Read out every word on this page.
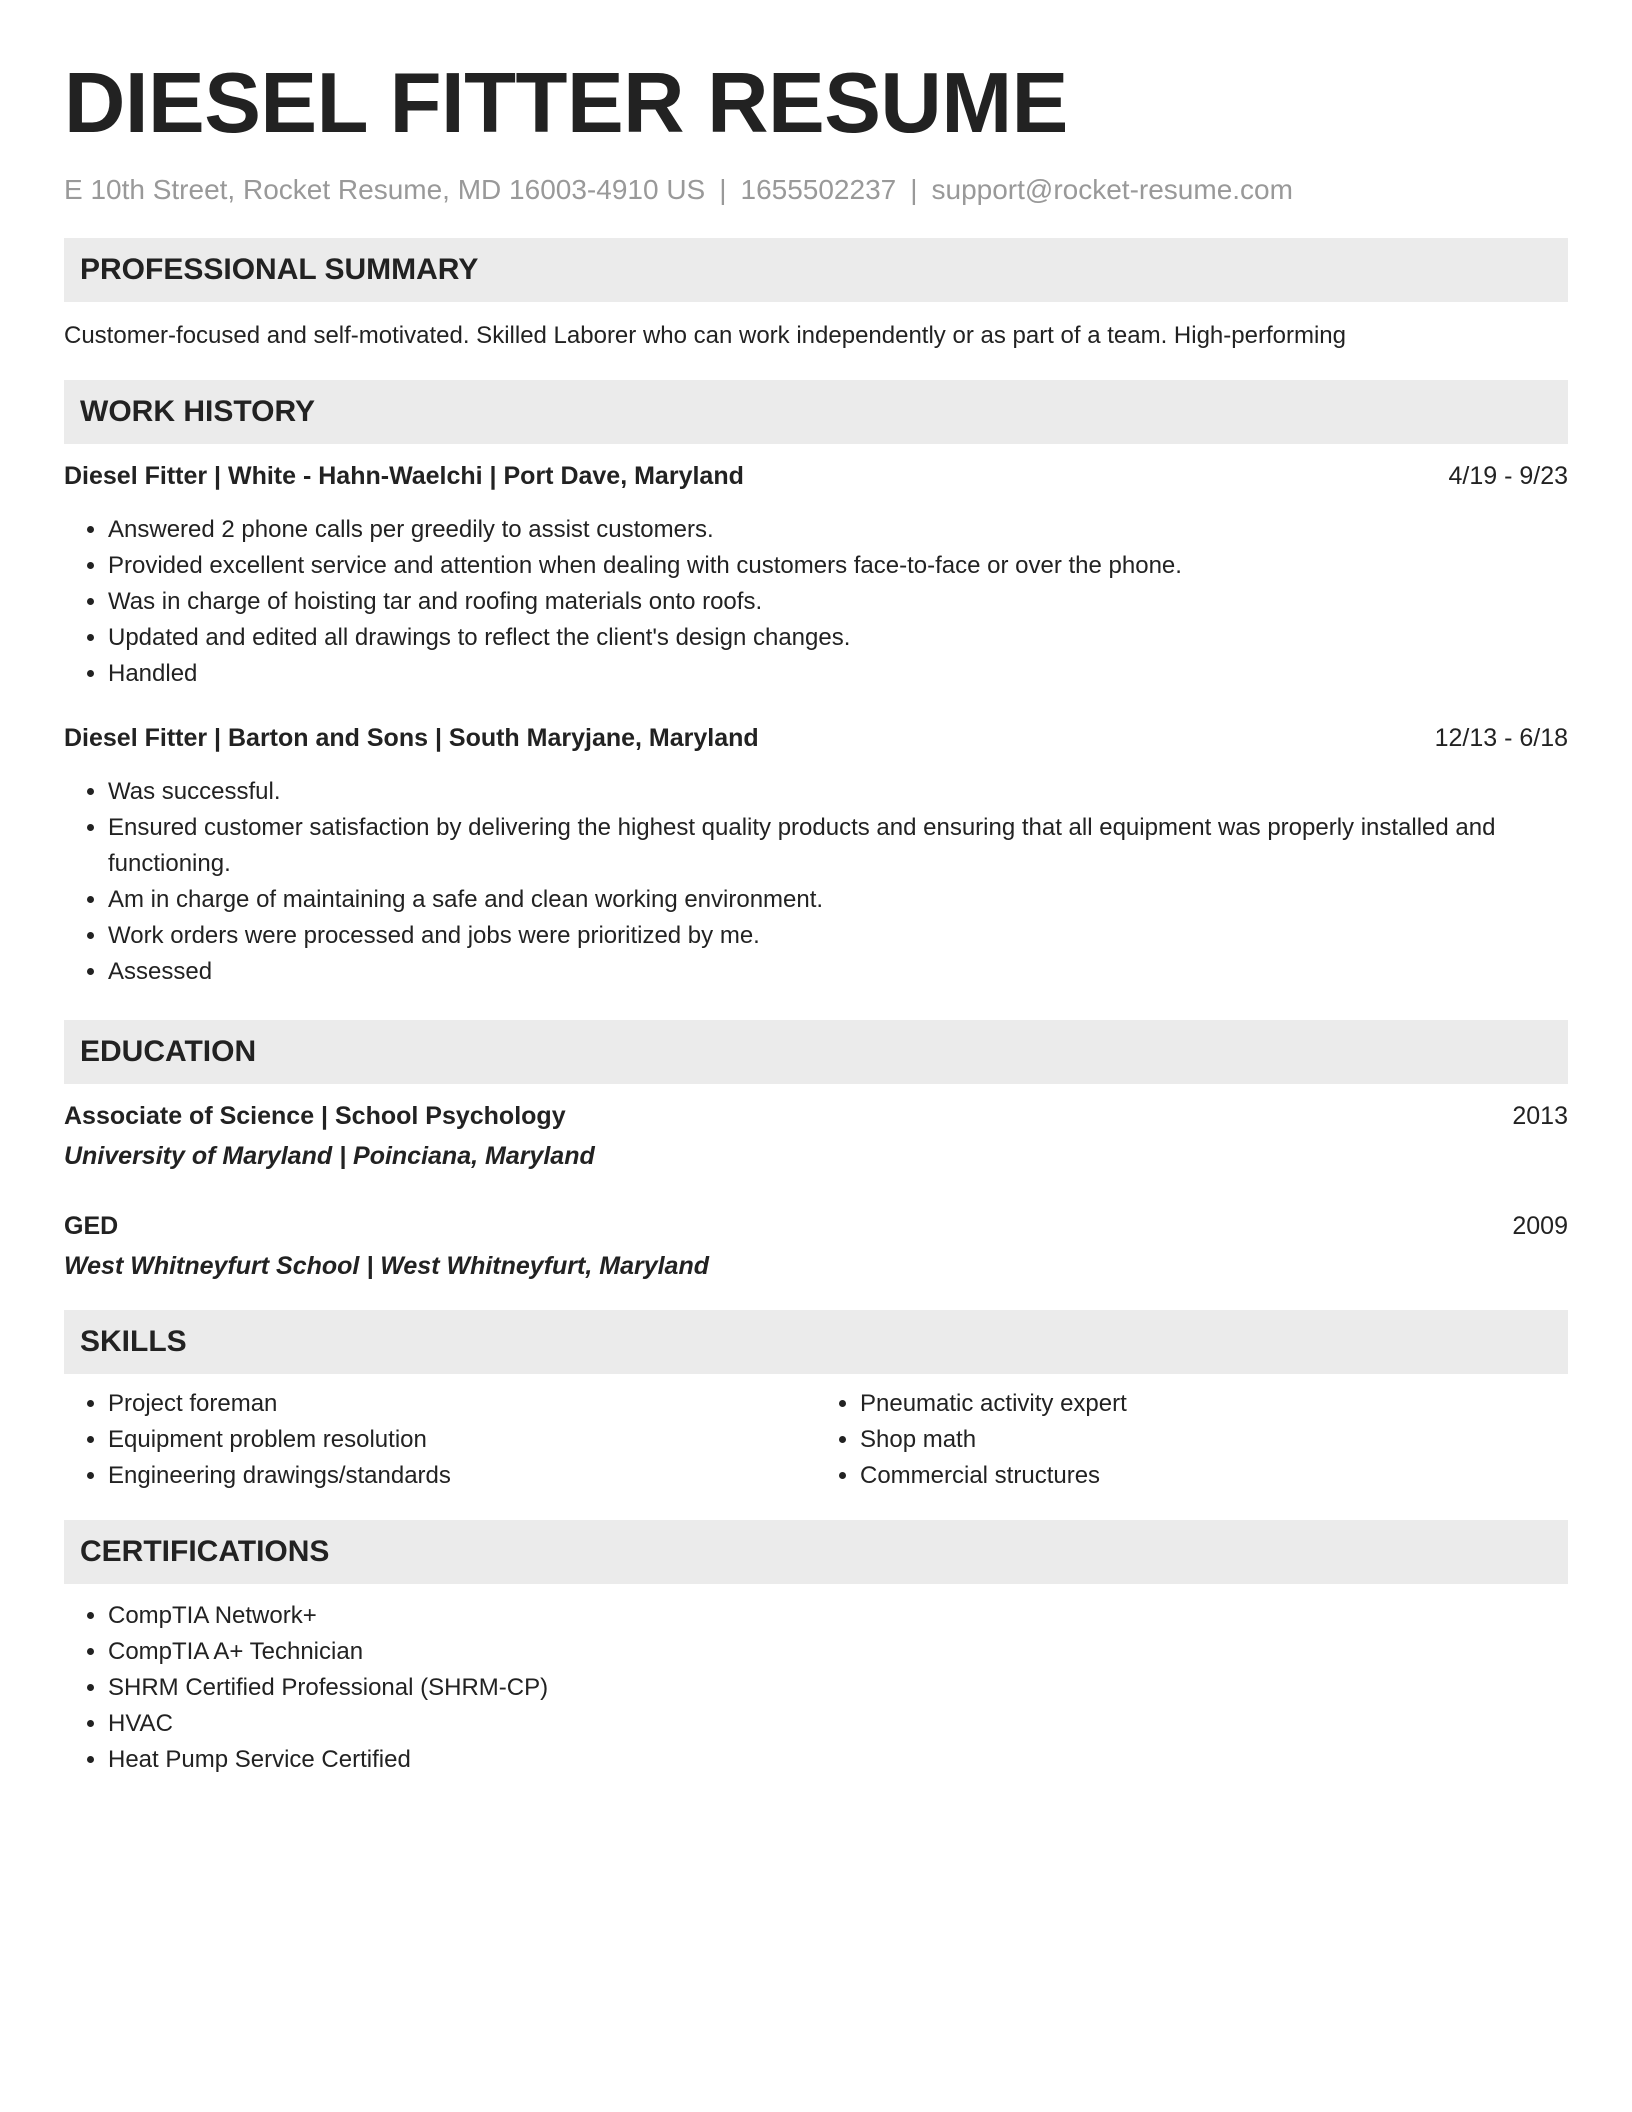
DIESEL FITTER RESUME
E 10th Street, Rocket Resume, MD 16003-4910 US | 1655502237 | support@rocket-resume.com
PROFESSIONAL SUMMARY
Customer-focused and self-motivated. Skilled Laborer who can work independently or as part of a team. High-performing
WORK HISTORY
Diesel Fitter | White - Hahn-Waelchi | Port Dave, Maryland	4/19 - 9/23
• Answered 2 phone calls per greedily to assist customers.
• Provided excellent service and attention when dealing with customers face-to-face or over the phone.
• Was in charge of hoisting tar and roofing materials onto roofs.
• Updated and edited all drawings to reflect the client's design changes.
• Handled
Diesel Fitter | Barton and Sons | South Maryjane, Maryland	12/13 - 6/18
• Was successful.
• Ensured customer satisfaction by delivering the highest quality products and ensuring that all equipment was properly installed and functioning.
• Am in charge of maintaining a safe and clean working environment.
• Work orders were processed and jobs were prioritized by me.
• Assessed
EDUCATION
Associate of Science | School Psychology	2013
University of Maryland | Poinciana, Maryland
GED	2009
West Whitneyfurt School | West Whitneyfurt, Maryland
SKILLS
• Project foreman
• Equipment problem resolution
• Engineering drawings/standards
• Pneumatic activity expert
• Shop math
• Commercial structures
CERTIFICATIONS
• CompTIA Network+
• CompTIA A+ Technician
• SHRM Certified Professional (SHRM-CP)
• HVAC
• Heat Pump Service Certified
